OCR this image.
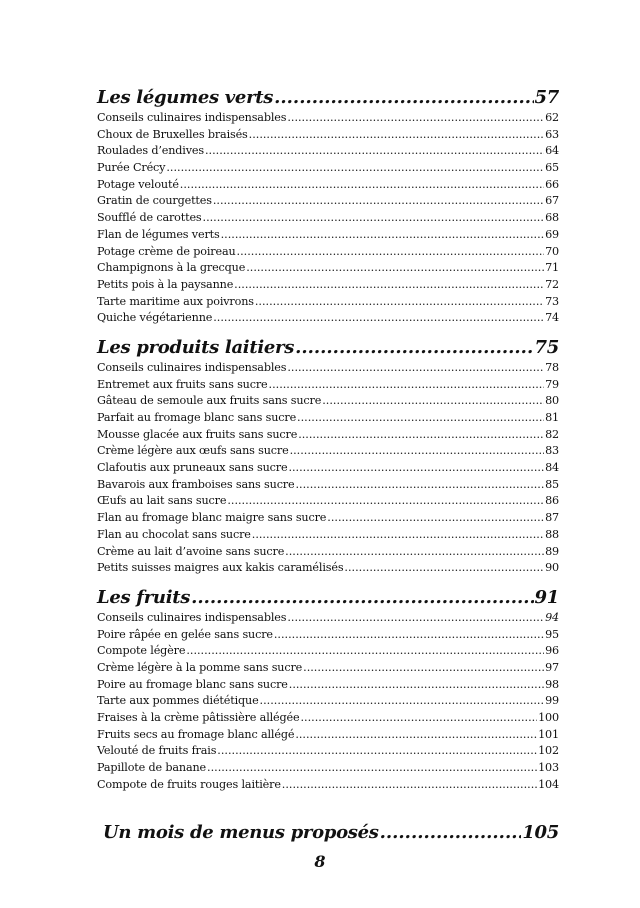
Les légumes verts .....	57
Conseils culinaires indispensables .....	62
Choux de Bruxelles braisés .....	63
Roulades d’endives .....	64
Purée Crécy .....	65
Potage velouté .....	66
Gratin de courgettes .....	67
Soufflé de carottes .....	68
Flan de légumes verts .....	69
Potage crème de poireau .....	70
Champignons à la grecque .....	71
Petits pois à la paysanne .....	72
Tarte maritime aux poivrons .....	73
Quiche végétarienne .....	74
Les produits laitiers .....	75
Conseils culinaires indispensables .....	78
Entremet aux fruits sans sucre .....	79
Gâteau de semoule aux fruits sans sucre .....	80
Parfait au fromage blanc sans sucre .....	81
Mousse glacée aux fruits sans sucre .....	82
Crème légère aux œufs sans sucre .....	83
Clafoutis aux pruneaux sans sucre .....	84
Bavarois aux framboises sans sucre .....	85
Œufs au lait sans sucre .....	86
Flan au fromage blanc maigre sans sucre .....	87
Flan au chocolat sans sucre .....	88
Crème au lait d’avoine sans sucre .....	89
Petits suisses maigres aux kakis caramélisés .....	90
Les fruits .....	91
Conseils culinaires indispensables .....	94
Poire râpée en gelée sans sucre .....	95
Compote légère .....	96
Crème légère à la pomme sans sucre .....	97
Poire au fromage blanc sans sucre .....	98
Tarte aux pommes diététique .....	99
Fraises à la crème pâtissière allégée .....	100
Fruits secs au fromage blanc allégé .....	101
Velouté de fruits frais .....	102
Papillote de banane .....	103
Compote de fruits rouges laitière .....	104
Un mois de menus proposés .....	105
8
